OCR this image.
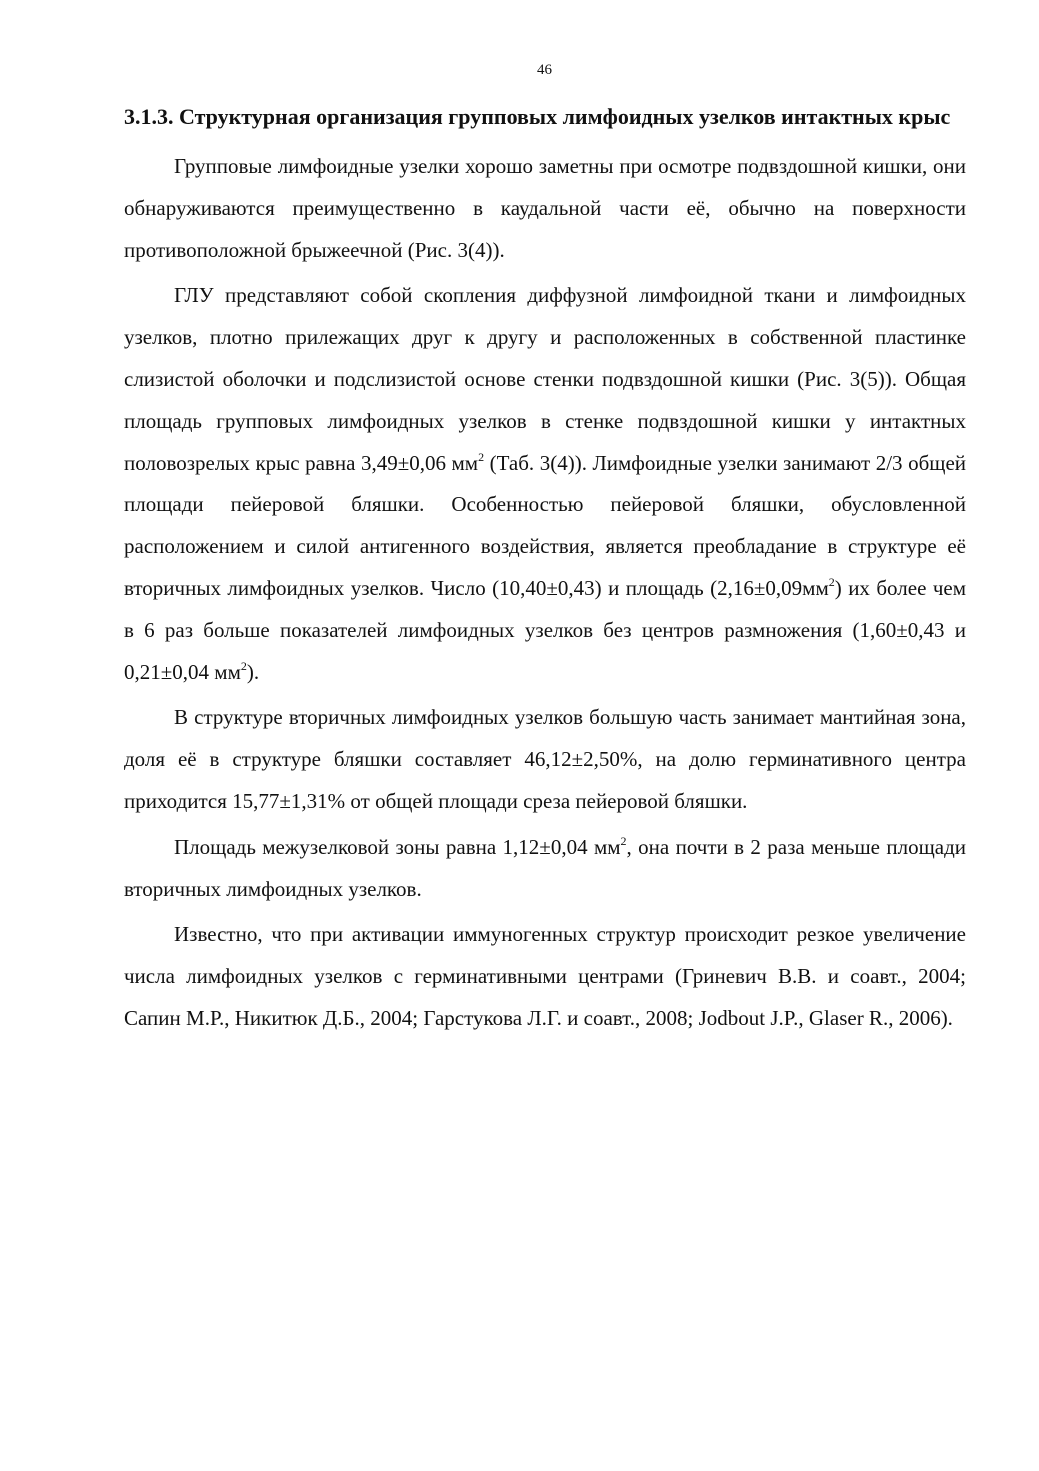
46
3.1.3. Структурная организация групповых лимфоидных узелков интактных крыс

Групповые лимфоидные узелки хорошо заметны при осмотре подвздошной кишки, они обнаруживаются преимущественно в каудальной части её, обычно на поверхности противоположной брыжеечной (Рис. 3(4)).

ГЛУ представляют собой скопления диффузной лимфоидной ткани и лимфоидных узелков, плотно прилежащих друг к другу и расположенных в собственной пластинке слизистой оболочки и подслизистой основе стенки подвздошной кишки (Рис. 3(5)). Общая площадь групповых лимфоидных узелков в стенке подвздошной кишки у интактных половозрелых крыс равна 3,49±0,06 $мм^2$ (Таб. 3(4)). Лимфоидные узелки занимают 2/3 общей площади пейеровой бляшки. Особенностью пейеровой бляшки, обусловленной расположением и силой антигенного воздействия, является преобладание в структуре её вторичных лимфоидных узелков. Число (10,40±0,43) и площадь $(2,16\pm 0,09мм^2)$ их более чем в 6 раз больше показателей лимфоидных узелков без центров размножения (1,60±0,43 и 0,21±0,04 $мм^2$).

В структуре вторичных лимфоидных узелков большую часть занимает мантийная зона, доля её в структуре бляшки составляет 46,12±2,50%, на долю герминативного центра приходится 15,77±1,31% от общей площади среза пейеровой бляшки.

Площадь межузелковой зоны равна 1,12±0,04 $мм^2$, она почти в 2 раза меньше площади вторичных лимфоидных узелков.

Известно, что при активации иммуногенных структур происходит резкое увеличение числа лимфоидных узелков с герминативными центрами (Гриневич В.В. и соавт., 2004; Сапин М.Р., Никитюк Д.Б., 2004; Гарстукова Л.Г. и соавт., 2008; Jodbout J.P., Glaser R., 2006).
